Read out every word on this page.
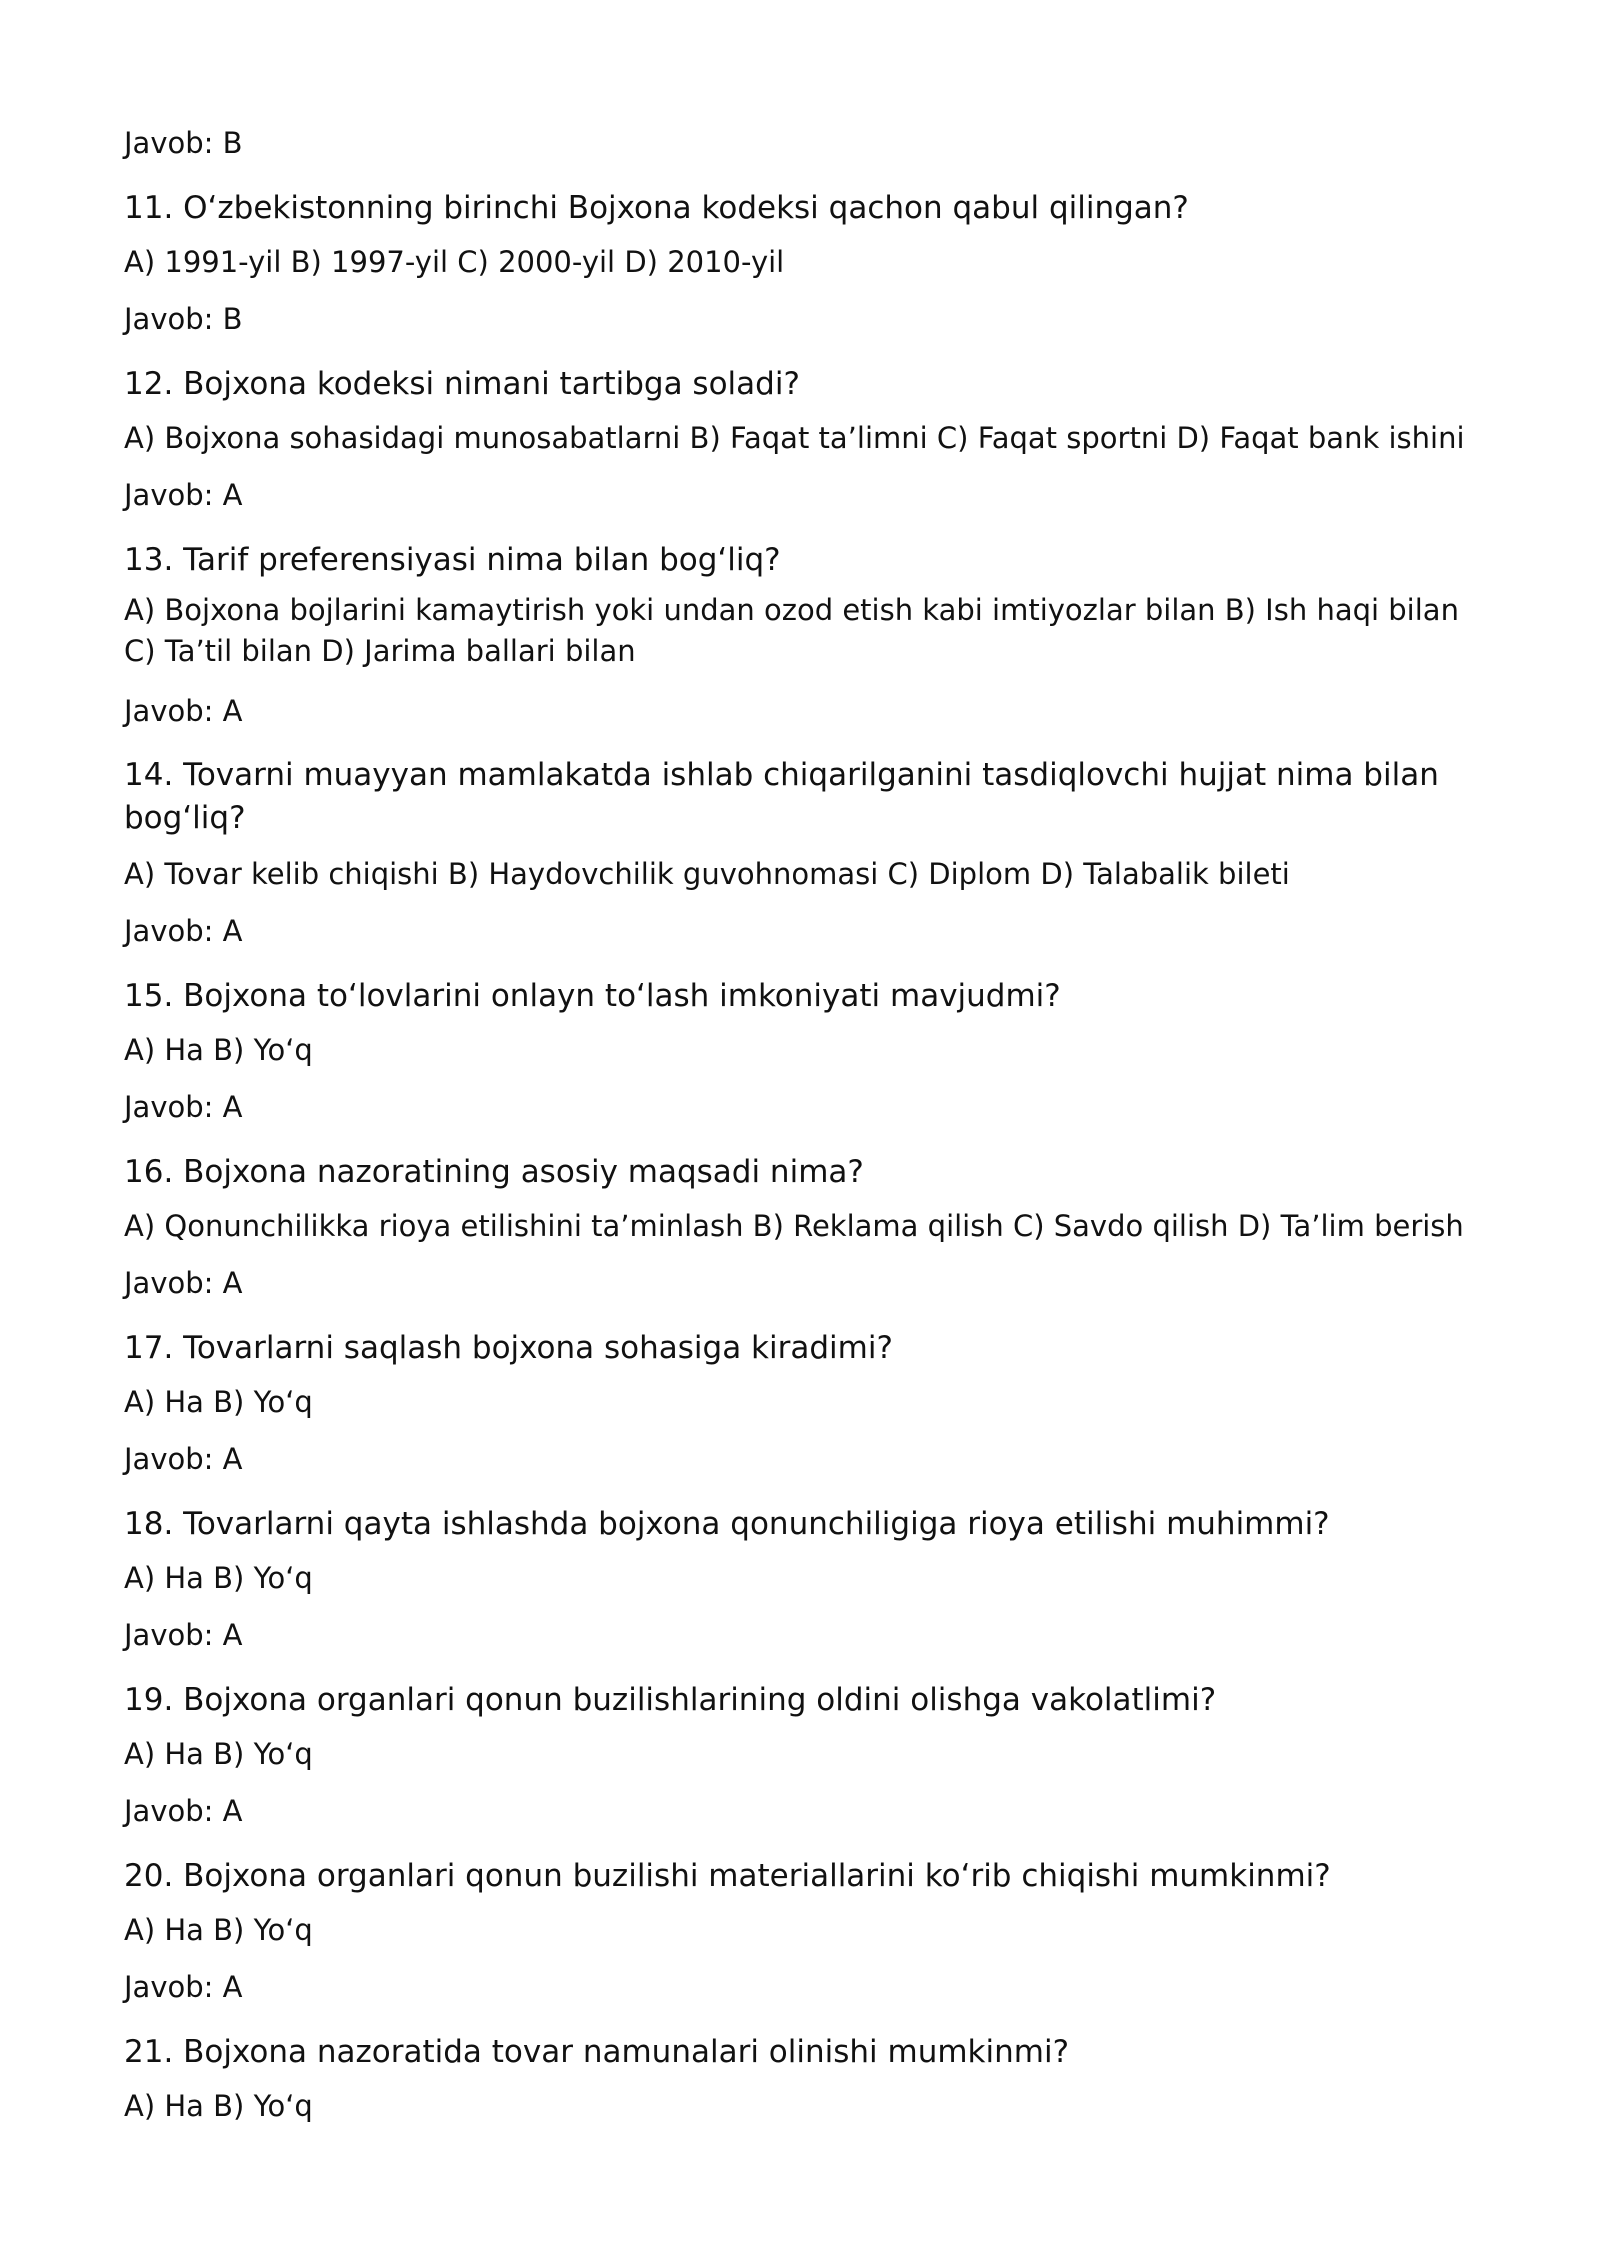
Javob: B
11. O‘zbekistonning birinchi Bojxona kodeksi qachon qabul qilingan?
A) 1991-yil B) 1997-yil C) 2000-yil D) 2010-yil
Javob: B
12. Bojxona kodeksi nimani tartibga soladi?
A) Bojxona sohasidagi munosabatlarni B) Faqat ta’limni C) Faqat sportni D) Faqat bank ishini
Javob: A
13. Tarif preferensiyasi nima bilan bog‘liq?
A) Bojxona bojlarini kamaytirish yoki undan ozod etish kabi imtiyozlar bilan B) Ish haqi bilan C) Ta’til bilan D) Jarima ballari bilan
Javob: A
14. Tovarni muayyan mamlakatda ishlab chiqarilganini tasdiqlovchi hujjat nima bilan bog‘liq?
A) Tovar kelib chiqishi B) Haydovchilik guvohnomasi C) Diplom D) Talabalik bileti
Javob: A
15. Bojxona to‘lovlarini onlayn to‘lash imkoniyati mavjudmi?
A) Ha B) Yo‘q
Javob: A
16. Bojxona nazoratining asosiy maqsadi nima?
A) Qonunchilikka rioya etilishini ta’minlash B) Reklama qilish C) Savdo qilish D) Ta’lim berish
Javob: A
17. Tovarlarni saqlash bojxona sohasiga kiradimi?
A) Ha B) Yo‘q
Javob: A
18. Tovarlarni qayta ishlashda bojxona qonunchiligiga rioya etilishi muhimmi?
A) Ha B) Yo‘q
Javob: A
19. Bojxona organlari qonun buzilishlarining oldini olishga vakolatlimi?
A) Ha B) Yo‘q
Javob: A
20. Bojxona organlari qonun buzilishi materiallarini ko‘rib chiqishi mumkinmi?
A) Ha B) Yo‘q
Javob: A
21. Bojxona nazoratida tovar namunalari olinishi mumkinmi?
A) Ha B) Yo‘q
